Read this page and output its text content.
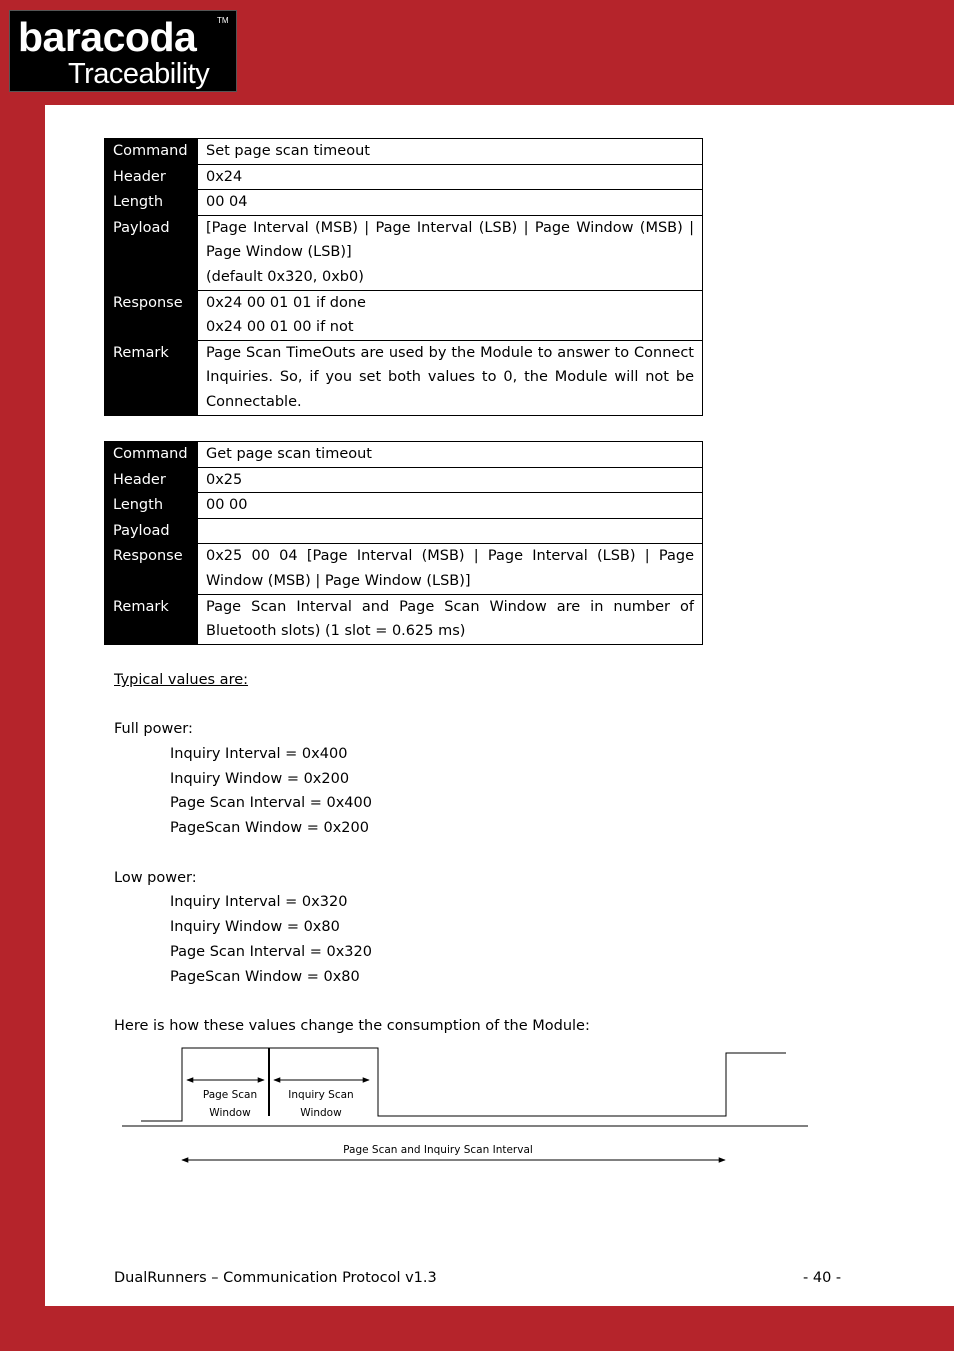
baracoda	TM
Traceability
Command	Set page scan timeout

Header	0x24

Length	00 04

Payload	[Page Interval (MSB) | Page Interval (LSB) | Page Window (MSB) | Page Window (LSB)]
(default 0x320, 0xb0)

Response	0x24 00 01 01 if done
0x24 00 01 00 if not

Remark	Page Scan TimeOuts are used by the Module to answer to Connect Inquiries. So, if you set both values to 0, the Module will not be Connectable.
Command	Get page scan timeout

Header	0x25

Length	00 00

Payload	

Response	0x25 00 04 [Page Interval (MSB) | Page Interval (LSB) | Page Window (MSB) | Page Window (LSB)]

Remark	Page Scan Interval and Page Scan Window are in number of Bluetooth slots) (1 slot = 0.625 ms)
Typical values are:
Full power:
Inquiry Interval = 0x400
Inquiry Window = 0x200
Page Scan Interval = 0x400
PageScan Window = 0x200
Low power:
Inquiry Interval = 0x320
Inquiry Window = 0x80
Page Scan Interval = 0x320
PageScan Window = 0x80
Here is how these values change the consumption of the Module:
Page Scan
Window
Inquiry Scan
Window
Page Scan and Inquiry Scan Interval
DualRunners – Communication Protocol v1.3	- 40 -
